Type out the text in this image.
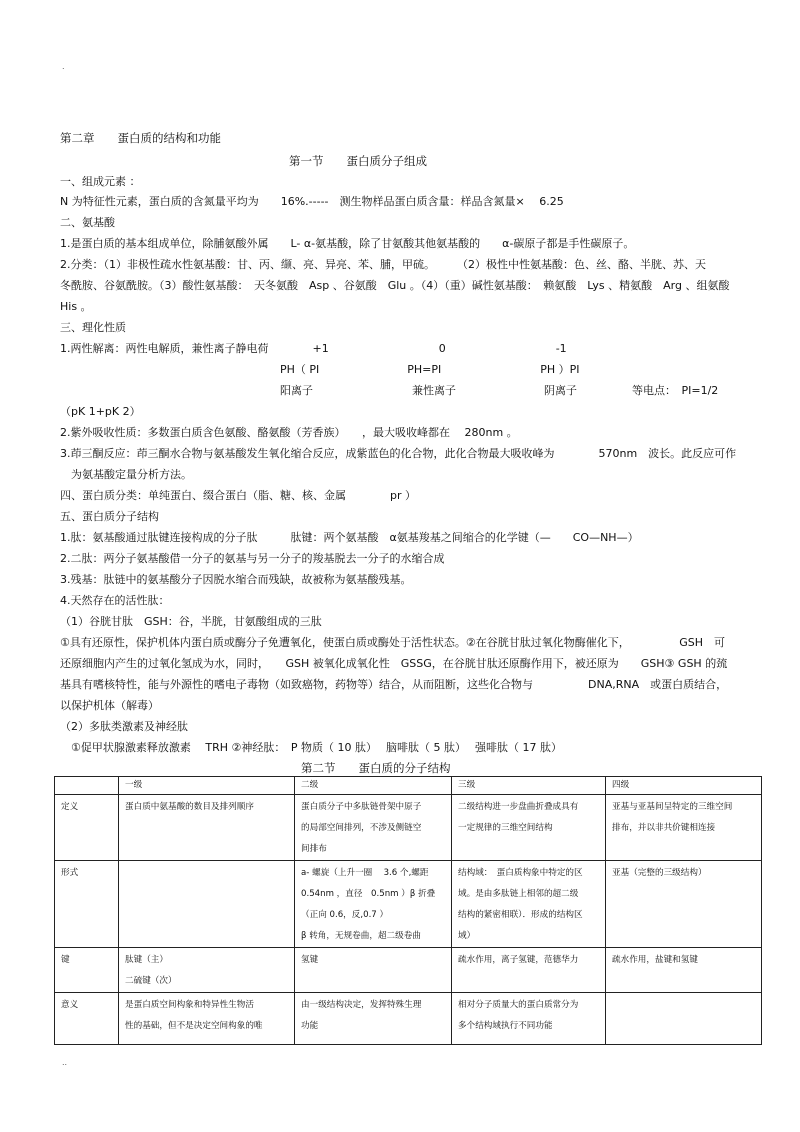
.
第二章　　蛋白质的结构和功能
第一节　　蛋白质分子组成
一、组成元素 ：
N 为特征性元素，蛋白质的含氮量平均为　　16%.-----　测生物样品蛋白质含量：样品含氮量×　 6.25
二、氨基酸
1.是蛋白质的基本组成单位，除脯氨酸外属　　L- α-氨基酸，除了甘氨酸其他氨基酸的　　α-碳原子都是手性碳原子。
2.分类：（1）非极性疏水性氨基酸：甘、丙、缬、亮、异亮、苯、脯，甲硫。　　　（2）极性中性氨基酸：色、丝、酪、半胱、苏、天
冬酰胺、谷氨酰胺。（3）酸性氨基酸：　天冬氨酸　Asp 、谷氨酸　Glu 。（4）（重）碱性氨基酸：　赖氨酸　Lys 、精氨酸　Arg 、组氨酸
His 。
三、理化性质
1.两性解离：两性电解质，兼性离子静电荷　　　　+1　　　　　　　　　　0　　　　　　　　　　-1
　　　　　　　　　　　　　　　　　　　　PH（ PI　　　　　　　　PH=PI　　　　　　　　　PH ）PI
　　　　　　　　　　　　　　　　　　　　阳离子　　　　　　　　　兼性离子　　　　　　　　阴离子　　　　　等电点：　PI=1/2
（pK 1+pK 2）
2.紫外吸收性质：多数蛋白质含色氨酸、酪氨酸（芳香族）　　，最大吸收峰都在　 280nm 。
3.茚三酮反应：茚三酮水合物与氨基酸发生氧化缩合反应，成紫蓝色的化合物，此化合物最大吸收峰为　　　　570nm　波长。此反应可作
　为氨基酸定量分析方法。
四、蛋白质分类：单纯蛋白、缀合蛋白（脂、糖、核、金属　　　　pr ）
五、蛋白质分子结构
1.肽：氨基酸通过肽键连接构成的分子肽　　　肽键：两个氨基酸　α氨基羧基之间缩合的化学键（—　　CO—NH—）
2.二肽：两分子氨基酸借一分子的氨基与另一分子的羧基脱去一分子的水缩合成
3.残基：肽链中的氨基酸分子因脱水缩合而残缺，故被称为氨基酸残基。
4.天然存在的活性肽：
（1）谷胱甘肽　GSH：谷，半胱，甘氨酸组成的三肽
①具有还原性，保护机体内蛋白质或酶分子免遭氧化，使蛋白质或酶处于活性状态。②在谷胱甘肽过氧化物酶催化下，　　　　　GSH　可
还原细胞内产生的过氧化氢成为水，同时，　　GSH 被氧化成氧化性　GSSG，在谷胱甘肽还原酶作用下，被还原为　　GSH③ GSH 的巯
基具有嗜核特性，能与外源性的嗜电子毒物（如致癌物，药物等）结合，从而阻断，这些化合物与　　　　　DNA,RNA　或蛋白质结合，
以保护机体（解毒）
（2）多肽类激素及神经肽
　①促甲状腺激素释放激素　 TRH ②神经肽：　P 物质（ 10 肽）　 脑啡肽（ 5 肽）　 强啡肽（ 17 肽）
第二节　　蛋白质的分子结构
	一级	二级	三级	四级
定义	蛋白质中氨基酸的数目及排列顺序	蛋白质分子中多肽链骨架中原子
的局部空间排列，不涉及侧链空
间排布	二级结构进一步盘曲折叠成具有
一定规律的三维空间结构	亚基与亚基间呈特定的三维空间
排布，并以非共价键相连接

形式		a- 螺旋（上升一圈　 3.6 个,螺距
0.54nm ，直径　0.5nm ）β 折叠
（正向 0.6，反,0.7 ）
β 转角，无规卷曲，超二级卷曲	结构域：　蛋白质构象中特定的区
域。是由多肽链上相邻的超二级
结构的紧密相联）．形成的结构区
域）	亚基（完整的三级结构）

键	肽键（主）
二硫键（次）	氢键	疏水作用，离子氢键，范德华力	疏水作用，盐键和氢键

意义	是蛋白质空间构象和特异性生物活
性的基础，但不是决定空间构象的唯	由一级结构决定，发挥特殊生理
功能	相对分子质量大的蛋白质常分为
多个结构域执行不同功能	

..
